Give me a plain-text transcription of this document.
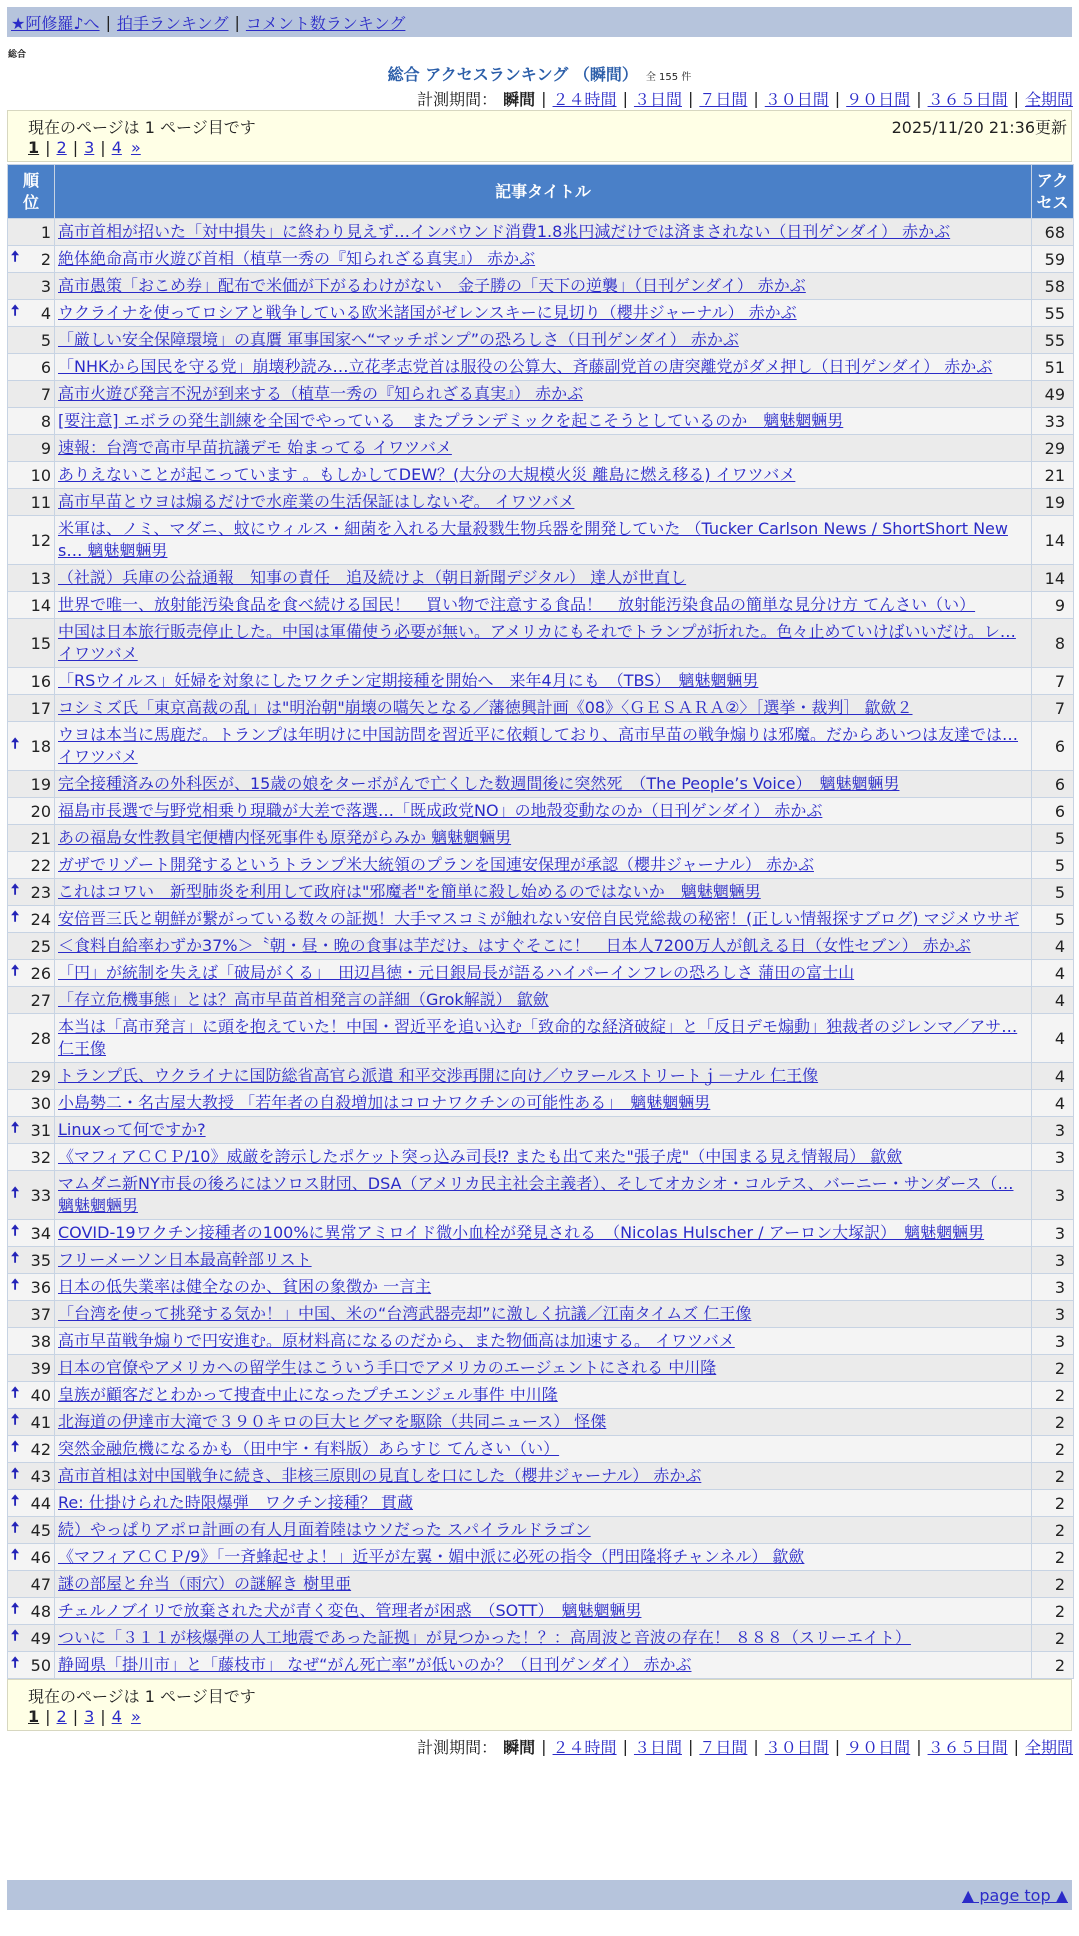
★阿修羅♪へ | 拍手ランキング | コメント数ランキング
総合
総合 アクセスランキング （瞬間） 全 155 件
計測期間： 瞬間 | ２４時間 | ３日間 | ７日間 | ３０日間 | ９０日間 | ３６５日間 | 全期間
現在のページは 1 ページ目です	2025/11/20 21:36更新
1 | 2 | 3 | 4 »
順位	記事タイトル	アクセス

1	高市首相が招いた「対中損失」に終わり見えず…インバウンド消費1.8兆円減だけでは済まされない（日刊ゲンダイ） 赤かぶ	68

🠅 2	絶体絶命高市火遊び首相（植草一秀の『知られざる真実』） 赤かぶ	59
3	高市愚策「おこめ券」配布で米価が下がるわけがない　金子勝の「天下の逆襲」（日刊ゲンダイ） 赤かぶ	58

🠅 4	ウクライナを使ってロシアと戦争している欧米諸国がゼレンスキーに見切り（櫻井ジャーナル） 赤かぶ	55
5	「厳しい安全保障環境」の真贋 軍事国家へ“マッチポンプ”の恐ろしさ（日刊ゲンダイ） 赤かぶ	55
6	「NHKから国民を守る党」崩壊秒読み…立花孝志党首は服役の公算大、斉藤副党首の唐突離党がダメ押し（日刊ゲンダイ） 赤かぶ	51
7	高市火遊び発言不況が到来する（植草一秀の『知られざる真実』） 赤かぶ	49
8	[要注意] エボラの発生訓練を全国でやっている　またプランデミックを起こそうとしているのか　魑魅魍魎男	33
9	速報：台湾で高市早苗抗議デモ 始まってる イワツバメ	29
10	ありえないことが起こっています 。もしかしてDEW？(大分の大規模火災 離島に燃え移る) イワツバメ	21
11	高市早苗とウヨは煽るだけで水産業の生活保証はしないぞ。 イワツバメ	19
12	米軍は、ノミ、マダニ、蚊にウィルス・細菌を入れる大量殺戮生物兵器を開発していた （Tucker Carlson News / ShortShort News… 魑魅魍魎男	14
13	（社説）兵庫の公益通報　知事の責任　追及続けよ（朝日新聞デジタル） 達人が世直し	14
14	世界で唯一、放射能汚染食品を食べ続ける国民！　買い物で注意する食品！　放射能汚染食品の簡単な見分け方 てんさい（い）	9
15	中国は日本旅行販売停止した。中国は軍備使う必要が無い。アメリカにもそれでトランプが折れた。色々止めていけばいいだけ。レ… イワツバメ	8
16	「RSウイルス」妊婦を対象にしたワクチン定期接種を開始へ　来年4月にも　（TBS）　魑魅魍魎男	7
17	コシミズ氏「東京高裁の乱」は"明治朝"崩壊の嚆矢となる／藩徳興計画《08》〈ＧＥＳＡＲＡ②〉［選挙・裁判］ 歙歛２	7

🠅 18	ウヨは本当に馬鹿だ。トランプは年明けに中国訪問を習近平に依頼しており、高市早苗の戦争煽りは邪魔。だからあいつは友達では… イワツバメ	6
19	完全接種済みの外科医が、15歳の娘をターボがんで亡くした数週間後に突然死　（The People’s Voice）　魑魅魍魎男	6
20	福島市長選で与野党相乗り現職が大差で落選…「既成政党NO」の地殻変動なのか（日刊ゲンダイ） 赤かぶ	6
21	あの福島女性教員宅便槽内怪死事件も原発がらみか 魑魅魍魎男	5
22	ガザでリゾート開発するというトランプ米大統領のプランを国連安保理が承認（櫻井ジャーナル） 赤かぶ	5

🠅 23	これはコワい　新型肺炎を利用して政府は"邪魔者"を簡単に殺し始めるのではないか　魑魅魍魎男	5

🠅 24	安倍晋三氏と朝鮮が繋がっている数々の証拠！大手マスコミが触れない安倍自民党総裁の秘密！(正しい情報探すブログ) マジメウサギ	5
25	＜食料自給率わずか37%＞〝朝・昼・晩の食事は芋だけ〟はすぐそこに！　日本人7200万人が飢える日（女性セブン） 赤かぶ	4

🠅 26	「円」が統制を失えば「破局がくる」　田辺昌徳・元日銀局長が語るハイパーインフレの恐ろしさ 蒲田の富士山	4
27	「存立危機事態」とは？高市早苗首相発言の詳細（Grok解説） 歙歛	4
28	本当は「高市発言」に頭を抱えていた！中国・習近平を追い込む「致命的な経済破綻」と「反日デモ煽動」独裁者のジレンマ／アサ… 仁王像	4
29	トランプ氏、ウクライナに国防総省高官ら派遣 和平交渉再開に向け／ウヲールストリートｊ－ナル 仁王像	4
30	小島勢二・名古屋大教授 「若年者の自殺増加はコロナワクチンの可能性ある」　魑魅魍魎男	4

🠅 31	Linuxって何ですか?	3
32	《マフィアＣＣＰ/10》威厳を誇示したポケット突っ込み司長⁉ またも出て来た"張子虎"（中国まる見え情報局） 歙歛	3

🠅 33	マムダニ新NY市長の後ろにはソロス財団、DSA（アメリカ民主社会主義者）、そしてオカシオ・コルテス、バーニー・サンダース（… 魑魅魍魎男	3

🠅 34	COVID-19ワクチン接種者の100%に異常アミロイド微小血栓が発見される　（Nicolas Hulscher / アーロン大塚訳）　魑魅魍魎男	3

🠅 35	フリーメーソン日本最高幹部リスト	3

🠅 36	日本の低失業率は健全なのか、貧困の象徴か 一言主	3
37	「台湾を使って挑発する気か！」中国、米の“台湾武器売却”に激しく抗議／江南タイムズ 仁王像	3
38	高市早苗戦争煽りで円安進む。原材料高になるのだから、また物価高は加速する。 イワツバメ	3
39	日本の官僚やアメリカへの留学生はこういう手口でアメリカのエージェントにされる 中川隆	2

🠅 40	皇族が顧客だとわかって捜査中止になったプチエンジェル事件 中川隆	2

🠅 41	北海道の伊達市大滝で３９０キロの巨大ヒグマを駆除（共同ニュース） 怪傑	2

🠅 42	突然金融危機になるかも（田中宇・有料版）あらすじ てんさい（い）	2

🠅 43	高市首相は対中国戦争に続き、非核三原則の見直しを口にした（櫻井ジャーナル） 赤かぶ	2

🠅 44	Re: 仕掛けられた時限爆弾　ワクチン接種？ 貫蔵	2

🠅 45	続）やっぱりアポロ計画の有人月面着陸はウソだった スパイラルドラゴン	2

🠅 46	《マフィアＣＣＰ/9》「一斉蜂起せよ！」近平が左翼・媚中派に必死の指令（門田隆将チャンネル） 歙歛	2
47	謎の部屋と弁当（雨穴）の謎解き 樹里亜	2

🠅 48	チェルノブイリで放棄された犬が青く変色、管理者が困惑　（SOTT）　魑魅魍魎男	2

🠅 49	ついに「３１１が核爆弾の人工地震であった証拠」が見つかった！？：高周波と音波の存在！ ８８８（スリーエイト）	2

🠅 50	静岡県「掛川市」と「藤枝市」 なぜ“がん死亡率”が低いのか？（日刊ゲンダイ） 赤かぶ	2
現在のページは 1 ページ目です
1 | 2 | 3 | 4 »
計測期間： 瞬間 | ２４時間 | ３日間 | ７日間 | ３０日間 | ９０日間 | ３６５日間 | 全期間
▲ page top ▲
